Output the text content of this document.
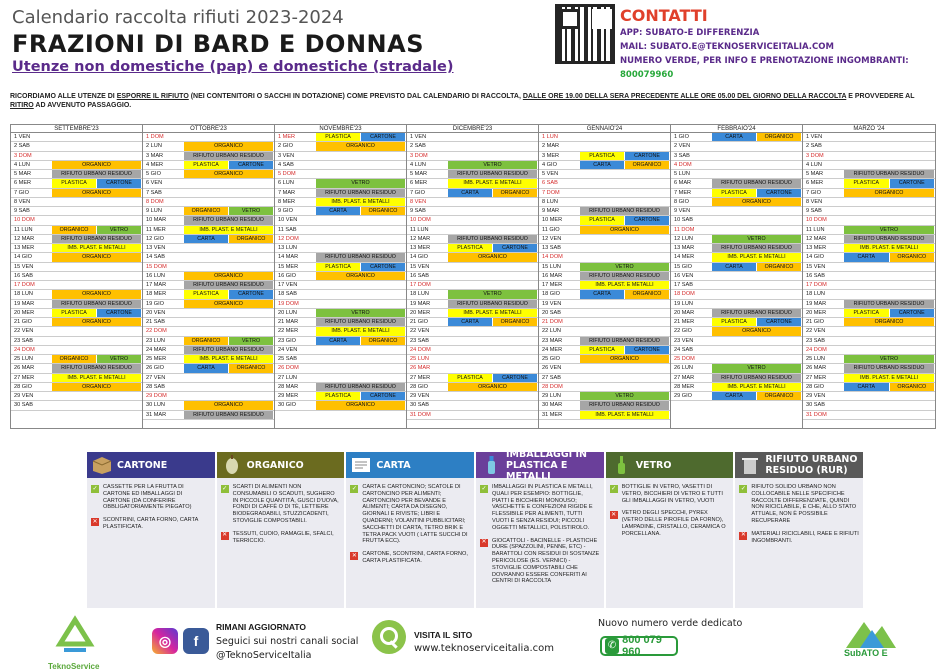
Calendario raccolta rifiuti 2023-2024
FRAZIONI DI BARD E DONNAS
Utenze non domestiche (pap) e domestiche (stradale)
CONTATTI
APP: SUBATO-E DIFFERENZIA
MAIL: SUBATO.E@TEKNOSERVICEITALIA.COM
NUMERO VERDE, PER INFO E PRENOTAZIONE INGOMBRANTI: 800079960
RICORDIAMO ALLE UTENZE DI ESPORRE IL RIFIUTO (NEI CONTENITORI O SACCHI IN DOTAZIONE) COME PREVISTO DAL CALENDARIO DI RACCOLTA, DALLE ORE 19.00 DELLA SERA PRECEDENTE ALLE ORE 05.00 DEL GIORNO DELLA RACCOLTA E PROVVEDERE AL RITIRO AD AVVENUTO PASSAGGIO.
SETTEMBRE'23
1 VEN
2 SAB
3 DOM
4 LUN	ORGANICO
5 MAR	RIFIUTO URBANO RESIDUO
6 MER	PLASTICA	CARTONE
7 GIO	ORGANICO
8 VEN
9 SAB
10 DOM
11 LUN	ORGANICO	VETRO
12 MAR	RIFIUTO URBANO RESIDUO
13 MER	IMB. PLAST. E METALLI
14 GIO	ORGANICO
15 VEN
16 SAB
17 DOM
18 LUN	ORGANICO
19 MAR	RIFIUTO URBANO RESIDUO
20 MER	PLASTICA	CARTONE
21 GIO	ORGANICO
22 VEN
23 SAB
24 DOM
25 LUN	ORGANICO	VETRO
26 MAR	RIFIUTO URBANO RESIDUO
27 MER	IMB. PLAST. E METALLI
28 GIO	ORGANICO
29 VEN
30 SAB
OTTOBRE'23
1 DOM
2 LUN	ORGANICO
3 MAR	RIFIUTO URBANO RESIDUO
4 MER	PLASTICA	CARTONE
5 GIO	ORGANICO
6 VEN
7 SAB
8 DOM
9 LUN	ORGANICO	VETRO
10 MAR	RIFIUTO URBANO RESIDUO
11 MER	IMB. PLAST. E METALLI
12 GIO	CARTA	ORGANICO
13 VEN
14 SAB
15 DOM
16 LUN	ORGANICO
17 MAR	RIFIUTO URBANO RESIDUO
18 MER	PLASTICA	CARTONE
19 GIO	ORGANICO
20 VEN
21 SAB
22 DOM
23 LUN	ORGANICO	VETRO
24 MAR	RIFIUTO URBANO RESIDUO
25 MER	IMB. PLAST. E METALLI
26 GIO	CARTA	ORGANICO
27 VEN
28 SAB
29 DOM
30 LUN	ORGANICO
31 MAR	RIFIUTO URBANO RESIDUO
NOVEMBRE'23
1 MER	PLASTICA	CARTONE
2 GIO	ORGANICO
3 VEN
4 SAB
5 DOM
6 LUN	VETRO
7 MAR	RIFIUTO URBANO RESIDUO
8 MER	IMB. PLAST. E METALLI
9 GIO	CARTA	ORGANICO
10 VEN
11 SAB
12 DOM
13 LUN
14 MAR	RIFIUTO URBANO RESIDUO
15 MER	PLASTICA	CARTONE
16 GIO	ORGANICO
17 VEN
18 SAB
19 DOM
20 LUN	VETRO
21 MAR	RIFIUTO URBANO RESIDUO
22 MER	IMB. PLAST. E METALLI
23 GIO	CARTA	ORGANICO
24 VEN
25 SAB
26 DOM
27 LUN
28 MAR	RIFIUTO URBANO RESIDUO
29 MER	PLASTICA	CARTONE
30 GIO	ORGANICO
DICEMBRE'23
1 VEN
2 SAB
3 DOM
4 LUN	VETRO
5 MAR	RIFIUTO URBANO RESIDUO
6 MER	IMB. PLAST. E METALLI
7 GIO	CARTA	ORGANICO
8 VEN
9 SAB
10 DOM
11 LUN
12 MAR	RIFIUTO URBANO RESIDUO
13 MER	PLASTICA	CARTONE
14 GIO	ORGANICO
15 VEN
16 SAB
17 DOM
18 LUN	VETRO
19 MAR	RIFIUTO URBANO RESIDUO
20 MER	IMB. PLAST. E METALLI
21 GIO	CARTA	ORGANICO
22 VEN
23 SAB
24 DOM
25 LUN
26 MAR
27 MER	PLASTICA	CARTONE
28 GIO	ORGANICO
29 VEN
30 SAB
31 DOM
GENNAIO'24
1 LUN
2 MAR
3 MER	PLASTICA	CARTONE
4 GIO	CARTA	ORGANICO
5 VEN
6 SAB
7 DOM
8 LUN
9 MAR	RIFIUTO URBANO RESIDUO
10 MER	PLASTICA	CARTONE
11 GIO	ORGANICO
12 VEN
13 SAB
14 DOM
15 LUN	VETRO
16 MAR	RIFIUTO URBANO RESIDUO
17 MER	IMB. PLAST. E METALLI
18 GIO	CARTA	ORGANICO
19 VEN
20 SAB
21 DOM
22 LUN
23 MAR	RIFIUTO URBANO RESIDUO
24 MER	PLASTICA	CARTONE
25 GIO	ORGANICO
26 VEN
27 SAB
28 DOM
29 LUN	VETRO
30 MAR	RIFIUTO URBANO RESIDUO
31 MER	IMB. PLAST. E METALLI
FEBBRAIO'24
1 GIO	CARTA	ORGANICO
2 VEN
3 SAB
4 DOM
5 LUN
6 MAR	RIFIUTO URBANO RESIDUO
7 MER	PLASTICA	CARTONE
8 GIO	ORGANICO
9 VEN
10 SAB
11 DOM
12 LUN	VETRO
13 MAR	RIFIUTO URBANO RESIDUO
14 MER	IMB. PLAST. E METALLI
15 GIO	CARTA	ORGANICO
16 VEN
17 SAB
18 DOM
19 LUN
20 MAR	RIFIUTO URBANO RESIDUO
21 MER	PLASTICA	CARTONE
22 GIO	ORGANICO
23 VEN
24 SAB
25 DOM
26 LUN	VETRO
27 MAR	RIFIUTO URBANO RESIDUO
28 MER	IMB. PLAST. E METALLI
29 GIO	CARTA	ORGANICO
MARZO '24
1 VEN
2 SAB
3 DOM
4 LUN
5 MAR	RIFIUTO URBANO RESIDUO
6 MER	PLASTICA	CARTONE
7 GIO	ORGANICO
8 VEN
9 SAB
10 DOM
11 LUN	VETRO
12 MAR	RIFIUTO URBANO RESIDUO
13 MER	IMB. PLAST. E METALLI
14 GIO	CARTA	ORGANICO
15 VEN
16 SAB
17 DOM
18 LUN
19 MAR	RIFIUTO URBANO RESIDUO
20 MER	PLASTICA	CARTONE
21 GIO	ORGANICO
22 VEN
23 SAB
24 DOM
25 LUN	VETRO
26 MAR	RIFIUTO URBANO RESIDUO
27 MER	IMB. PLAST. E METALLI
28 GIO	CARTA	ORGANICO
29 VEN
30 SAB
31 DOM
CARTONE
✓ CASSETTE PER LA FRUTTA DI CARTONE ED IMBALLAGGI DI CARTONE (DA CONFERIRE OBBLIGATORIAMENTE PIEGATO)
✕ SCONTRINI, CARTA FORNO, CARTA PLASTIFICATA.
ORGANICO
✓ SCARTI DI ALIMENTI NON CONSUMABILI O SCADUTI, SUGHERO IN PICCOLE QUANTITÀ, GUSCI D'UOVA, FONDI DI CAFFÈ O DI TÈ, LETTIERE BIODEGRADABILI, STUZZICADENTI, STOVIGLIE COMPOSTABILI.
✕ TESSUTI, CUOIO, RAMAGLIE, SFALCI, TERRICCIO.
CARTA
✓ CARTA E CARTONCINO; SCATOLE DI CARTONCINO PER ALIMENTI; CARTONCINO PER BEVANDE E ALIMENTI; CARTA DA DISEGNO, GIORNALI E RIVISTE; LIBRI E QUADERNI; VOLANTINI PUBBLICITARI; SACCHETTI DI CARTA, TETRO BRIK E TETRA PACK VUOTI ( LATTE SUCCHI DI FRUTTA ECC).
✕ CARTONE, SCONTRINI, CARTA FORNO, CARTA PLASTIFICATA.
IMBALLAGGI IN PLASTICA E METALLI
✓ IMBALLAGGI IN PLASTICA E METALLI, QUALI PER ESEMPIO: BOTTIGLIE, PIATTI E BICCHIERI MONOUSO; VASCHETTE E CONFEZIONI RIGIDE E FLESSIBILE PER ALIMENTI, TUTTI VUOTI E SENZA RESIDUI; PICCOLI OGGETTI METALLICI, POLISTIROLO.
✕ GIOCATTOLI - BACINELLE - PLASTICHE DURE (SPAZZOLINI, PENNE, ETC) - BARATTOLI CON RESIDUI DI SOSTANZE PERICOLOSE (ES. VERNICI) - STOVIGLIE COMPOSTABILI CHE DOVRANNO ESSERE CONFERITI AI CENTRI DI RACCOLTA
VETRO
✓ BOTTIGLIE IN VETRO, VASETTI DI VETRO, BICCHIERI DI VETRO E TUTTI GLI IMBALLAGGI IN VETRO, VUOTI
✕ VETRO DEGLI SPECCHI, PYREX (VETRO DELLE PIROFILE DA FORNO), LAMPADINE, CRISTALLO, CERAMICA O PORCELLANA.
RIFIUTO URBANO RESIDUO (RUR)
✓ RIFIUTO SOLIDO URBANO NON COLLOCABILE NELLE SPECIFICHE RACCOLTE DIFFERENZIATE, QUINDI NON RICICLABILE, E CHE, ALLO STATO ATTUALE, NON È POSSIBILE RECUPERARE
✕ MATERIALI RICICLABILI, RAEE E RIFIUTI INGOMBRANTI.
TeknoService
◎	f
RIMANI AGGIORNATO
Seguici sui nostri canali social
@TeknoServiceItalia
VISITA IL SITO
www.teknoserviceitalia.com
Nuovo numero verde dedicato
✆ 800 079 960	SubATO E
